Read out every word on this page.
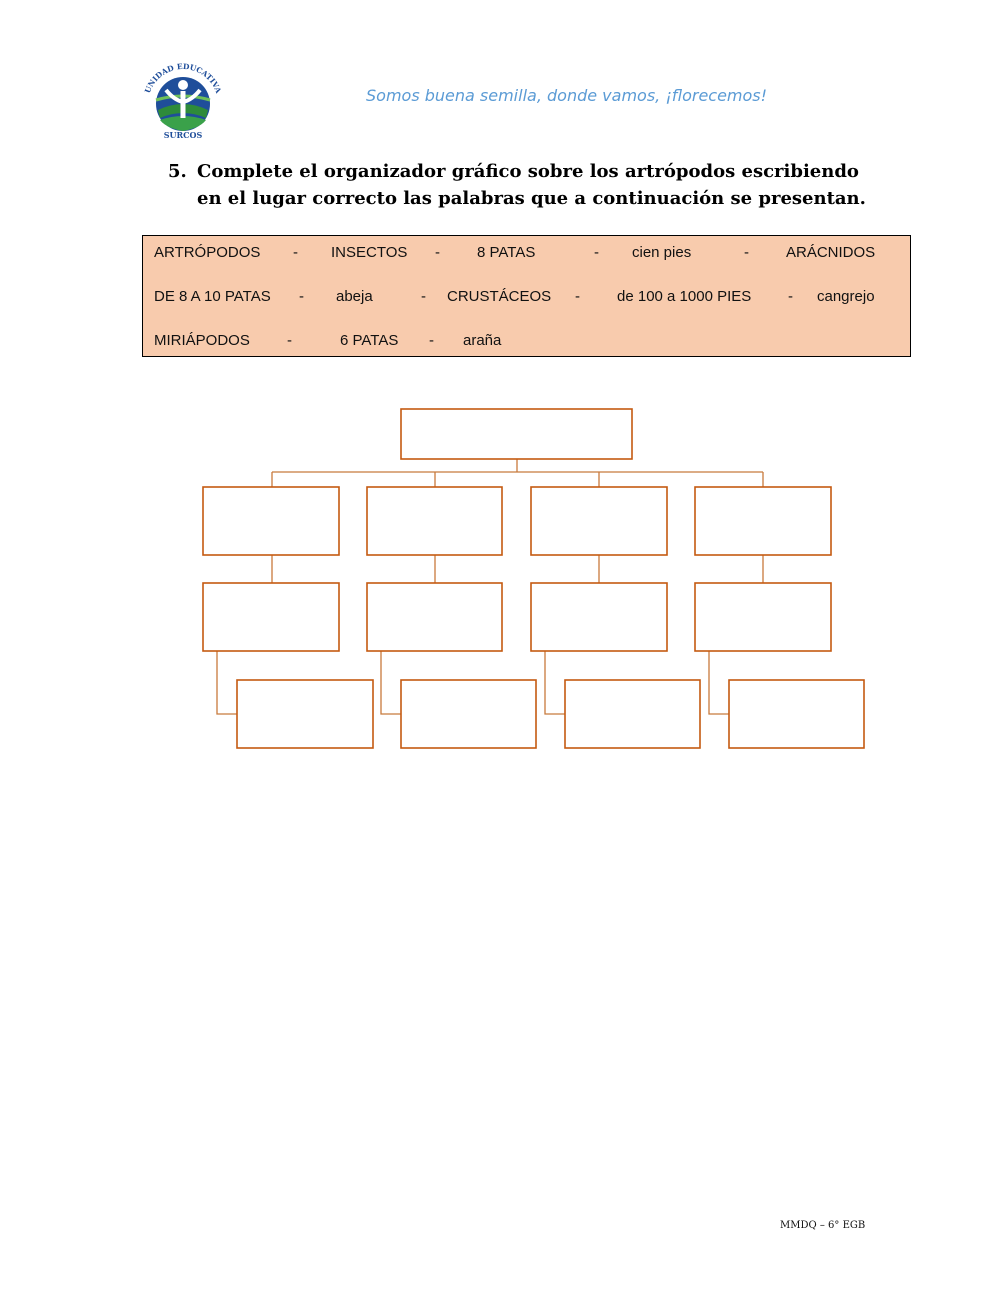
UNIDAD EDUCATIVA
SURCOS
Somos buena semilla, donde vamos, ¡florecemos!
5. Complete el organizador gráfico sobre los artrópodos escribiendo
en el lugar correcto las palabras que a continuación se presentan.
ARTRÓPODOS - INSECTOS - 8 PATAS	- cien pies	- ARÁCNIDOS
DE 8 A 10 PATAS - abeja	- CRUSTÁCEOS - de 100 a 1000 PIES - cangrejo
MIRIÁPODOS -	6 PATAS - araña
MMDQ – 6° EGB
